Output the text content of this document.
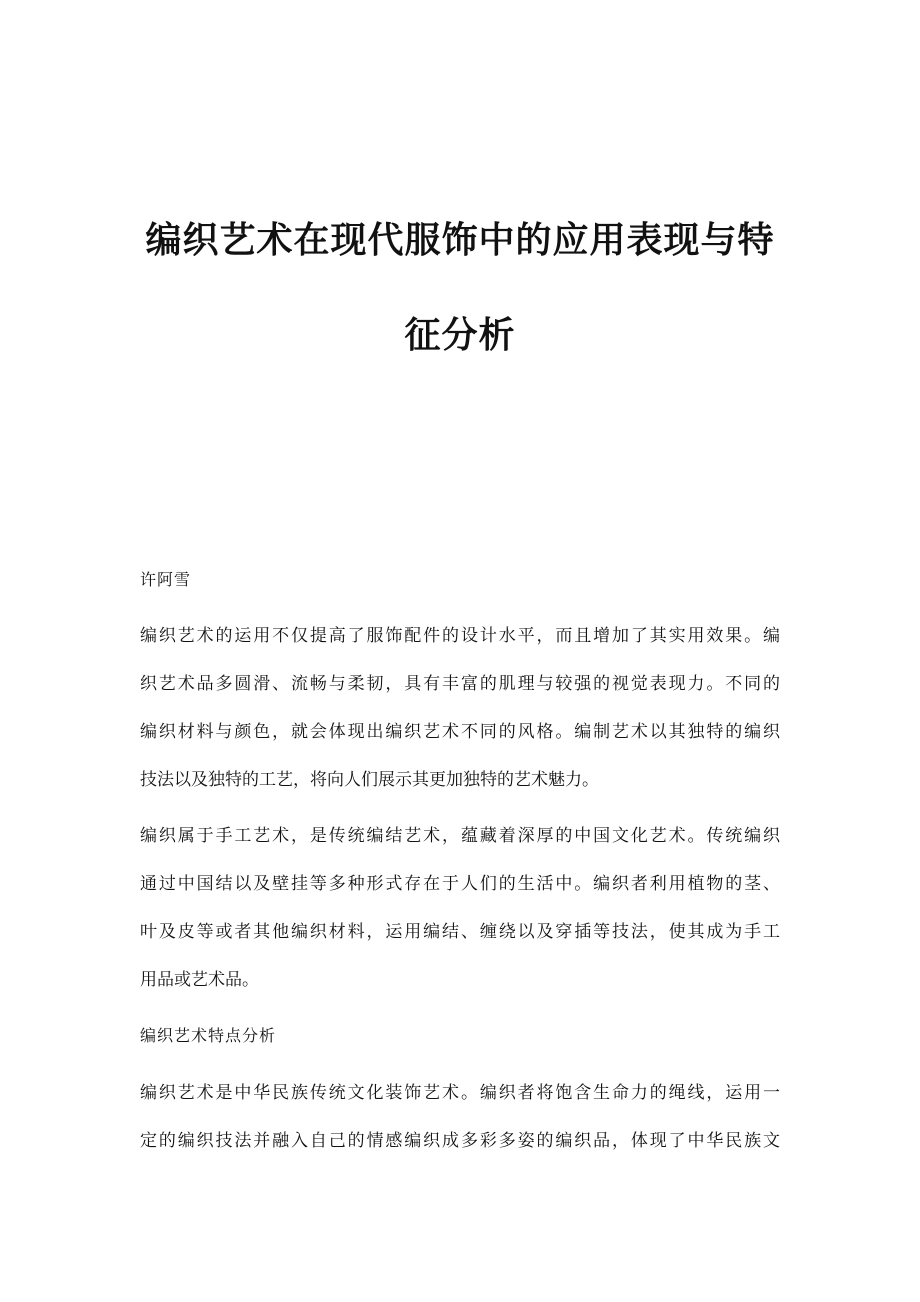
编织艺术在现代服饰中的应用表现与特
征分析
许阿雪
编织艺术的运用不仅提高了服饰配件的设计水平，而且增加了其实用效果。编
织艺术品多圆滑、流畅与柔韧，具有丰富的肌理与较强的视觉表现力。不同的
编织材料与颜色，就会体现出编织艺术不同的风格。编制艺术以其独特的编织
技法以及独特的工艺，将向人们展示其更加独特的艺术魅力。
编织属于手工艺术，是传统编结艺术，蕴藏着深厚的中国文化艺术。传统编织
通过中国结以及壁挂等多种形式存在于人们的生活中。编织者利用植物的茎、
叶及皮等或者其他编织材料，运用编结、缠绕以及穿插等技法，使其成为手工
用品或艺术品。
编织艺术特点分析
编织艺术是中华民族传统文化装饰艺术。编织者将饱含生命力的绳线，运用一
定的编织技法并融入自己的情感编织成多彩多姿的编织品，体现了中华民族文
